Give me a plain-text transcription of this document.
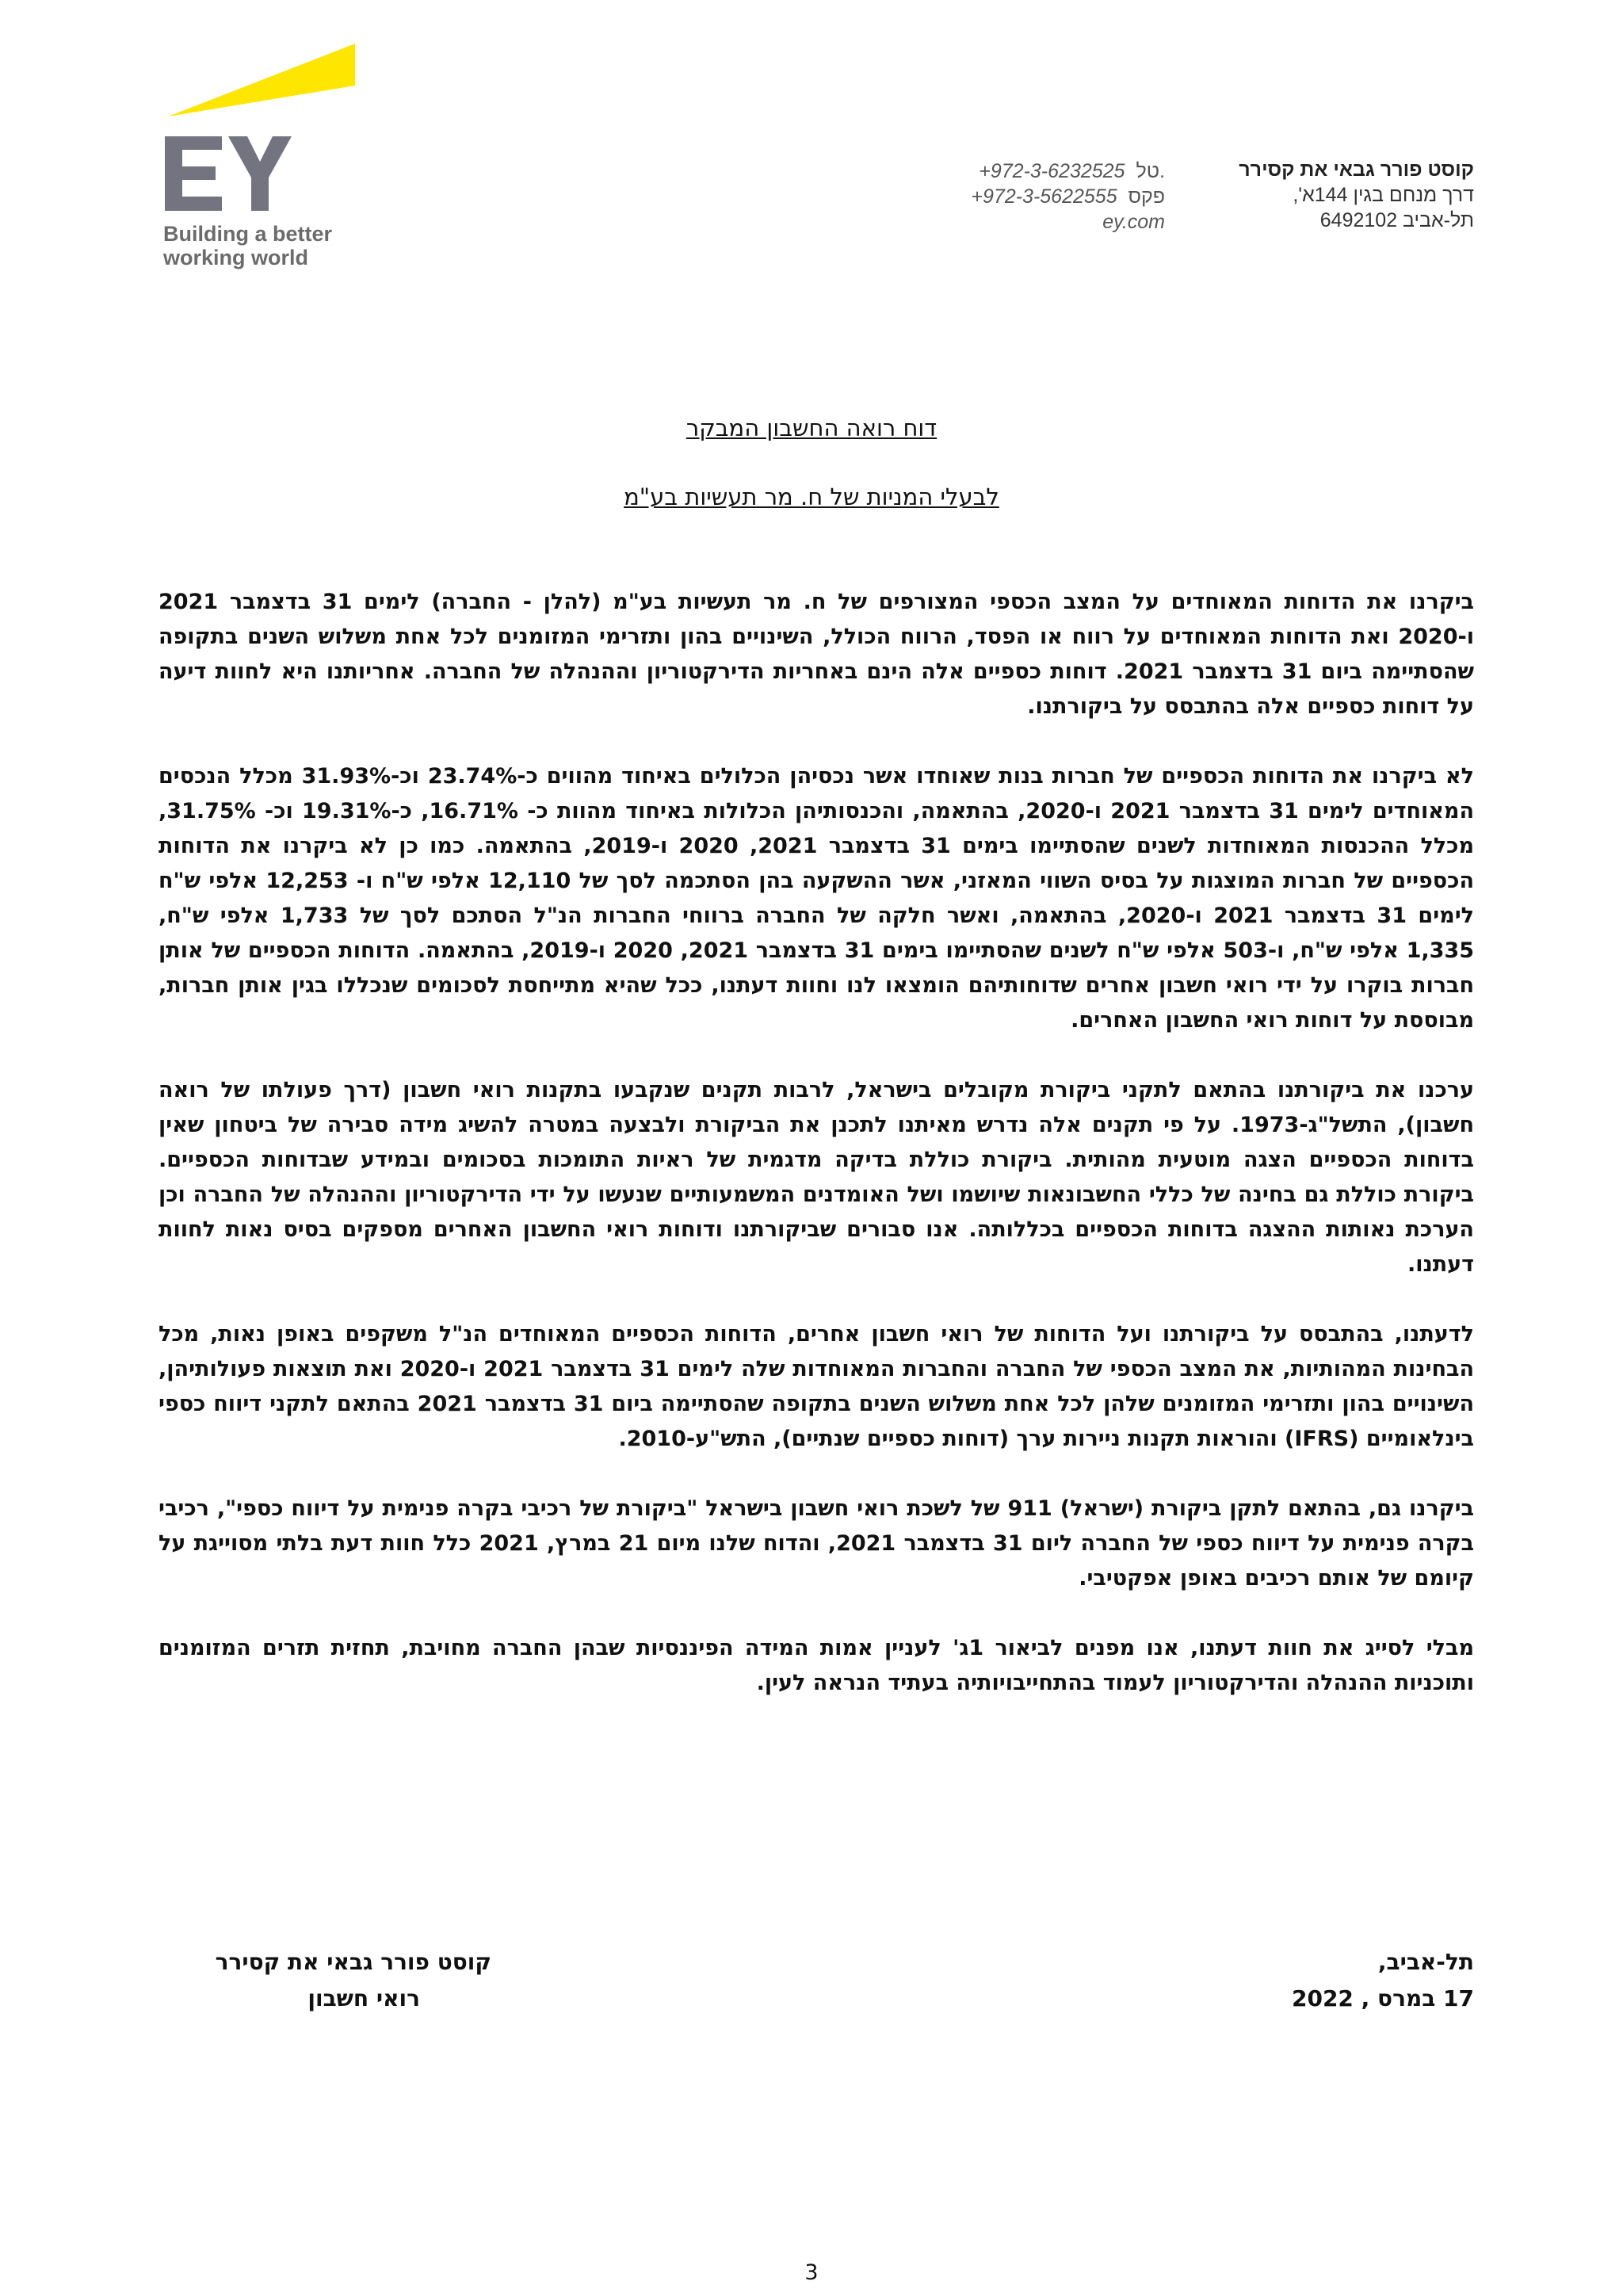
Building a better
working world
+972-3-6232525 טל.
+972-3-5622555 פקס
ey.com
קוסט פורר גבאי את קסירר
דרך מנחם בגין 144א',
תל-אביב 6492102
דוח רואה החשבון המבקר
לבעלי המניות של ח. מר תעשיות בע"מ

ביקרנו את הדוחות המאוחדים על המצב הכספי המצורפים של ח. מר תעשיות בע"מ (להלן - החברה) לימים 31 בדצמבר 2021 ו-2020 ואת הדוחות המאוחדים על רווח או הפסד, הרווח הכולל, השינויים בהון ותזרימי המזומנים לכל אחת משלוש השנים בתקופה שהסתיימה ביום 31 בדצמבר 2021. דוחות כספיים אלה הינם באחריות הדירקטוריון וההנהלה של החברה. אחריותנו היא לחוות דיעה על דוחות כספיים אלה בהתבסס על ביקורתנו.

לא ביקרנו את הדוחות הכספיים של חברות בנות שאוחדו אשר נכסיהן הכלולים באיחוד מהווים כ-23.74% וכ-31.93% מכלל הנכסים המאוחדים לימים 31 בדצמבר 2021 ו-2020, בהתאמה, והכנסותיהן הכלולות באיחוד מהוות כ- 16.71%, כ-19.31% וכ- 31.75%, מכלל ההכנסות המאוחדות לשנים שהסתיימו בימים 31 בדצמבר 2021, 2020 ו-2019, בהתאמה. כמו כן לא ביקרנו את הדוחות הכספיים של חברות המוצגות על בסיס השווי המאזני, אשר ההשקעה בהן הסתכמה לסך של 12,110 אלפי ש"ח ו- 12,253 אלפי ש"ח לימים 31 בדצמבר 2021 ו-2020, בהתאמה, ואשר חלקה של החברה ברווחי החברות הנ"ל הסתכם לסך של 1,733 אלפי ש"ח, 1,335 אלפי ש"ח, ו-503 אלפי ש"ח לשנים שהסתיימו בימים 31 בדצמבר 2021, 2020 ו-2019, בהתאמה. הדוחות הכספיים של אותן חברות בוקרו על ידי רואי חשבון אחרים שדוחותיהם הומצאו לנו וחוות דעתנו, ככל שהיא מתייחסת לסכומים שנכללו בגין אותן חברות, מבוססת על דוחות רואי החשבון האחרים.

ערכנו את ביקורתנו בהתאם לתקני ביקורת מקובלים בישראל, לרבות תקנים שנקבעו בתקנות רואי חשבון (דרך פעולתו של רואה חשבון), התשל"ג-1973. על פי תקנים אלה נדרש מאיתנו לתכנן את הביקורת ולבצעה במטרה להשיג מידה סבירה של ביטחון שאין בדוחות הכספיים הצגה מוטעית מהותית. ביקורת כוללת בדיקה מדגמית של ראיות התומכות בסכומים ובמידע שבדוחות הכספיים. ביקורת כוללת גם בחינה של כללי החשבונאות שיושמו ושל האומדנים המשמעותיים שנעשו על ידי הדירקטוריון וההנהלה של החברה וכן הערכת נאותות ההצגה בדוחות הכספיים בכללותה. אנו סבורים שביקורתנו ודוחות רואי החשבון האחרים מספקים בסיס נאות לחוות דעתנו.

לדעתנו, בהתבסס על ביקורתנו ועל הדוחות של רואי חשבון אחרים, הדוחות הכספיים המאוחדים הנ"ל משקפים באופן נאות, מכל הבחינות המהותיות, את המצב הכספי של החברה והחברות המאוחדות שלה לימים 31 בדצמבר 2021 ו-2020 ואת תוצאות פעולותיהן, השינויים בהון ותזרימי המזומנים שלהן לכל אחת משלוש השנים בתקופה שהסתיימה ביום 31 בדצמבר 2021 בהתאם לתקני דיווח כספי בינלאומיים (IFRS) והוראות תקנות ניירות ערך (דוחות כספיים שנתיים), התש"ע-2010.

ביקרנו גם, בהתאם לתקן ביקורת (ישראל) 911 של לשכת רואי חשבון בישראל "ביקורת של רכיבי בקרה פנימית על דיווח כספי", רכיבי בקרה פנימית על דיווח כספי של החברה ליום 31 בדצמבר 2021, והדוח שלנו מיום 21 במרץ, 2021 כלל חוות דעת בלתי מסוייגת על קיומם של אותם רכיבים באופן אפקטיבי.

מבלי לסייג את חוות דעתנו, אנו מפנים לביאור 1ג' לעניין אמות המידה הפיננסיות שבהן החברה מחויבת, תחזית תזרים המזומנים ותוכניות ההנהלה והדירקטוריון לעמוד בהתחייבויותיה בעתיד הנראה לעין.

תל-אביב,
17 במרס , 2022
קוסט פורר גבאי את קסירר
רואי חשבון
3
